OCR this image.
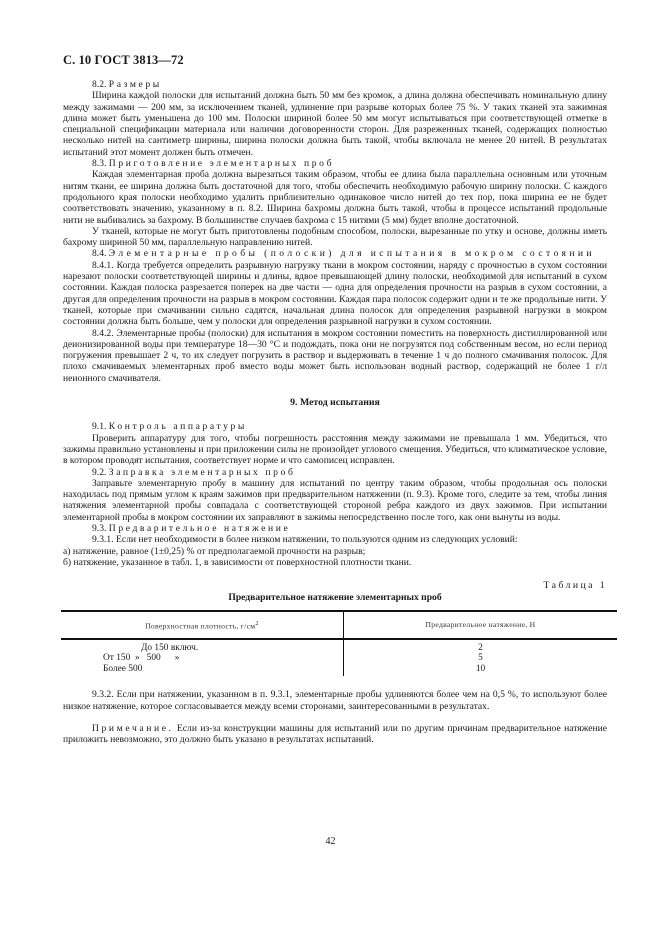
С. 10 ГОСТ 3813—72

8.2. Размеры

Ширина каждой полоски для испытаний должна быть 50 мм без кромок, а длина должна обеспечивать номинальную длину между зажимами — 200 мм, за исключением тканей, удлинение при разрыве которых более 75 %. У таких тканей эта зажимная длина может быть уменьшена до 100 мм. Полоски шириной более 50 мм могут испытываться при соответствующей отметке в специальной спецификации материала или наличии договоренности сторон. Для разреженных тканей, содержащих полностью несколько нитей на сантиметр ширины, ширина полоски должна быть такой, чтобы включала не менее 20 нитей. В результатах испытаний этот момент должен быть отмечен.

8.3. Приготовление элементарных проб

Каждая элементарная проба должна вырезаться таким образом, чтобы ее длина была параллельна основным или уточным нитям ткани, ее ширина должна быть достаточной для того, чтобы обеспечить необходимую рабочую ширину полоски. С каждого продольного края полоски необходимо удалить приблизительно одинаковое число нитей до тех пор, пока ширина ее не будет соответствовать значению, указанному в п. 8.2. Ширина бахромы должна быть такой, чтобы в процессе испытаний продольные нити не выбивались за бахрому. В большинстве случаев бахрома с 15 нитями (5 мм) будет вполне достаточной.

У тканей, которые не могут быть приготовлены подобным способом, полоски, вырезанные по утку и основе, должны иметь бахрому шириной 50 мм, параллельную направлению нитей.

8.4. Элементарные пробы (полоски) для испытания в мокром состоянии

8.4.1. Когда требуется определить разрывную нагрузку ткани в мокром состоянии, наряду с прочностью в сухом состоянии нарезают полоски соответствующей ширины и длины, вдвое превышающей длину полоски, необходимой для испытаний в сухом состоянии. Каждая полоска разрезается поперек на две части — одна для определения прочности на разрыв в сухом состоянии, а другая для определения прочности на разрыв в мокром состоянии. Каждая пара полосок содержит одни и те же продольные нити. У тканей, которые при смачивании сильно садятся, начальная длина полосок для определения разрывной нагрузки в мокром состоянии должна быть больше, чем у полоски для определения разрывной нагрузки в сухом состоянии.

8.4.2. Элементарные пробы (полоски) для испытания в мокром состоянии поместить на поверхность дистиллированной или деионизированной воды при температуре 18—30 °С и подождать, пока они не погрузятся под собственным весом, но если период погружения превышает 2 ч, то их следует погрузить в раствор и выдерживать в течение 1 ч до полного смачивания полосок. Для плохо смачиваемых элементарных проб вместо воды может быть использован водный раствор, содержащий не более 1 г/л неионного смачивателя.

9. Метод испытания

9.1. Контроль аппаратуры

Проверить аппаратуру для того, чтобы погрешность расстояния между зажимами не превышала 1 мм. Убедиться, что зажимы правильно установлены и при приложении силы не произойдет углового смещения. Убедиться, что климатическое условие, в котором проводят испытания, соответствует норме и что самописец исправлен.

9.2. Заправка элементарных проб

Заправьте элементарную пробу в машину для испытаний по центру таким образом, чтобы продольная ось полоски находилась под прямым углом к краям зажимов при предварительном натяжении (п. 9.3). Кроме того, следите за тем, чтобы линия натяжения элементарной пробы совпадала с соответствующей стороной ребра каждого из двух зажимов. При испытании элементарной пробы в мокром состоянии их заправляют в зажимы непосредственно после того, как они вынуты из воды.

9.3. Предварительное натяжение

9.3.1. Если нет необходимости в более низком натяжении, то пользуются одним из следующих условий:

а) натяжение, равное (1±0,25) % от предполагаемой прочности на разрыв;

б) натяжение, указанное в табл. 1, в зависимости от поверхностной плотности ткани.

Таблица 1
Предварительное натяжение элементарных проб
Поверхностная плотность, $г/см^2$	Предварительное натяжение, Н
До 150 включ.	2
От 150  »   500      »	5
Более 500	10

9.3.2. Если при натяжении, указанном в п. 9.3.1, элементарные пробы удлиняются более чем на 0,5 %, то используют более низкое натяжение, которое согласовывается между всеми сторонами, заинтересованными в результатах.

Примечание. Если из-за конструкции машины для испытаний или по другим причинам предварительное натяжение приложить невозможно, это должно быть указано в результатах испытаний.

42
